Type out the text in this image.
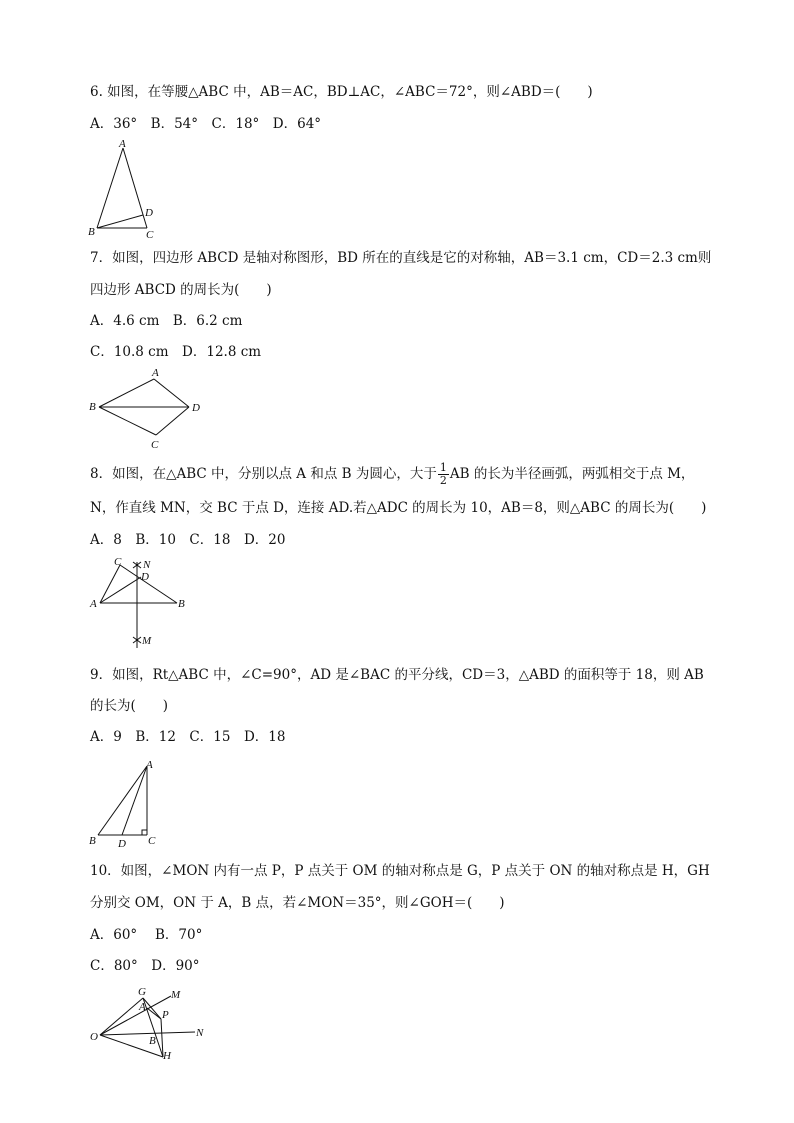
6. 如图，在等腰△ABC 中，AB＝AC，BD⊥AC，∠ABC＝72°，则∠ABD＝(　　)
A．36°　B．54°　C．18°　D．64°
A
B	C
D
7．如图，四边形 ABCD 是轴对称图形，BD 所在的直线是它的对称轴，AB＝3.1 cm，CD＝2.3 cm则
四边形 ABCD 的周长为(　　)
A．4.6 cm　B．6.2 cm
C．10.8 cm　D．12.8 cm
A
B	D
C
8．如图，在△ABC 中，分别以点 A 和点 B 为圆心，大于 $\frac{1}{2}$ AB 的长为半径画弧，两弧相交于点 M，
N，作直线 MN，交 BC 于点 D，连接 AD.若△ADC 的周长为 10，AB＝8，则△ABC 的周长为(　　)
A．8　B．10　C．18　D．20
C N
D
A	B
M
9．如图，Rt△ABC 中，∠C=90°，AD 是∠BAC 的平分线，CD＝3，△ABD 的面积等于 18，则 AB
的长为(　　)
A．9　B．12　C．15　D．18
A
B D C
10．如图，∠MON 内有一点 P，P 点关于 OM 的轴对称点是 G，P 点关于 ON 的轴对称点是 H，GH
分别交 OM，ON 于 A，B 点，若∠MON＝35°，则∠GOH＝(　　)
A．60°　 B．70°
C．80°　D．90°
G M
A
P
O	N
B
H
